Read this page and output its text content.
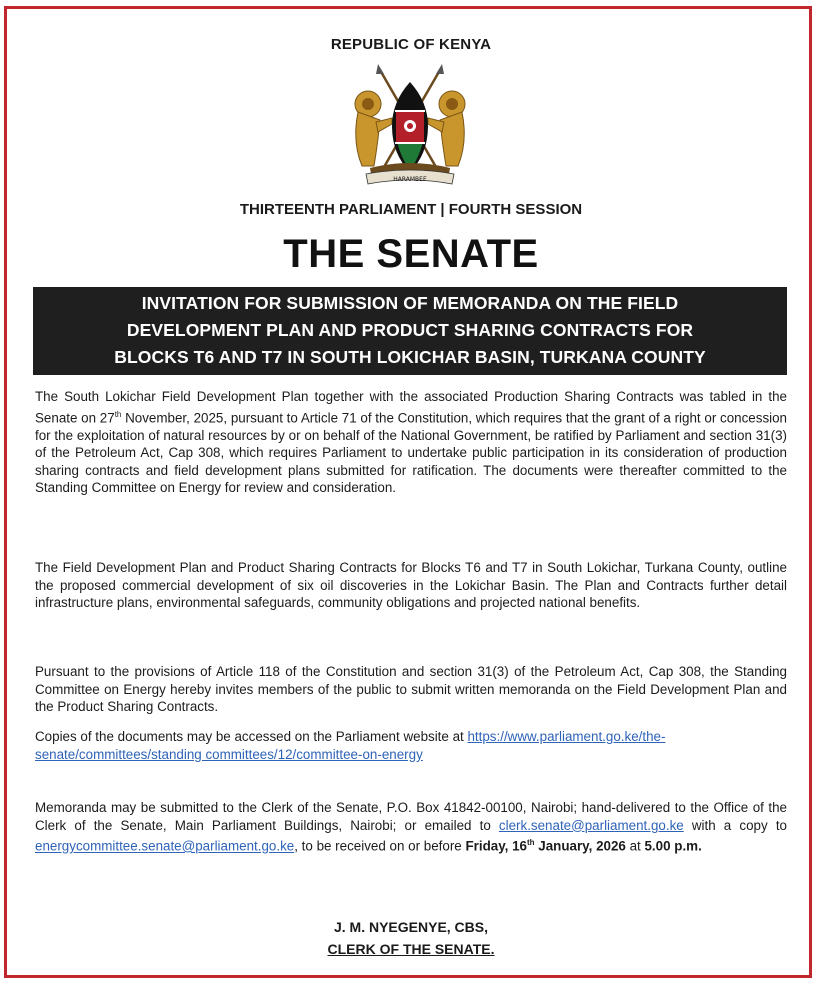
REPUBLIC OF KENYA
HARAMBEE
THIRTEENTH PARLIAMENT | FOURTH SESSION
THE SENATE
INVITATION FOR SUBMISSION OF MEMORANDA ON THE FIELD
DEVELOPMENT PLAN AND PRODUCT SHARING CONTRACTS FOR
BLOCKS T6 AND T7 IN SOUTH LOKICHAR BASIN, TURKANA COUNTY
The South Lokichar Field Development Plan together with the associated Production Sharing Contracts was tabled in the Senate on 27th November, 2025, pursuant to Article 71 of the Constitution, which requires that the grant of a right or concession for the exploitation of natural resources by or on behalf of the National Government, be ratified by Parliament and section 31(3) of the Petroleum Act, Cap 308, which requires Parliament to undertake public participation in its consideration of production sharing contracts and field development plans submitted for ratification. The documents were thereafter committed to the Standing Committee on Energy for review and consideration.
The Field Development Plan and Product Sharing Contracts for Blocks T6 and T7 in South Lokichar, Turkana County, outline the proposed commercial development of six oil discoveries in the Lokichar Basin. The Plan and Contracts further detail infrastructure plans, environmental safeguards, community obligations and projected national benefits.
Pursuant to the provisions of Article 118 of the Constitution and section 31(3) of the Petroleum Act, Cap 308, the Standing Committee on Energy hereby invites members of the public to submit written memoranda on the Field Development Plan and the Product Sharing Contracts.
Copies of the documents may be accessed on the Parliament website at https://www.parliament.go.ke/the-senate/committees/standing committees/12/committee-on-energy
Memoranda may be submitted to the Clerk of the Senate, P.O. Box 41842-00100, Nairobi; hand-delivered to the Office of the Clerk of the Senate, Main Parliament Buildings, Nairobi; or emailed to clerk.senate@parliament.go.ke with a copy to energycommittee.senate@parliament.go.ke, to be received on or before Friday, 16th January, 2026 at 5.00 p.m.
J. M. NYEGENYE, CBS,
CLERK OF THE SENATE.
